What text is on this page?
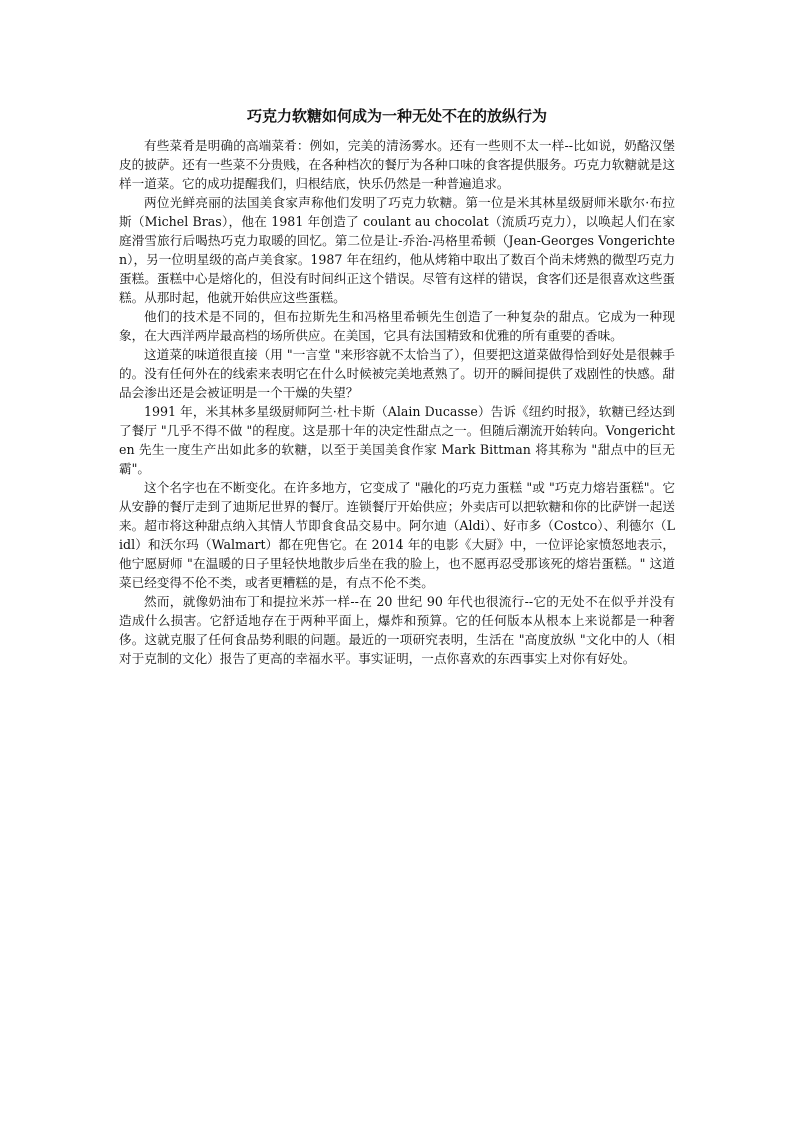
巧克力软糖如何成为一种无处不在的放纵行为

有些菜肴是明确的高端菜肴：例如，完美的清汤雾水。还有一些则不太一样--比如说，奶酪汉堡皮的披萨。还有一些菜不分贵贱，在各种档次的餐厅为各种口味的食客提供服务。巧克力软糖就是这样一道菜。它的成功提醒我们，归根结底，快乐仍然是一种普遍追求。

两位光鲜亮丽的法国美食家声称他们发明了巧克力软糖。第一位是米其林星级厨师米歇尔·布拉斯（Michel Bras），他在 1981 年创造了 coulant au chocolat（流质巧克力），以唤起人们在家庭滑雪旅行后喝热巧克力取暖的回忆。第二位是让-乔治-冯格里希顿（Jean-Georges Vongerichten），另一位明星级的高卢美食家。1987 年在纽约，他从烤箱中取出了数百个尚未烤熟的微型巧克力蛋糕。蛋糕中心是熔化的，但没有时间纠正这个错误。尽管有这样的错误，食客们还是很喜欢这些蛋糕。从那时起，他就开始供应这些蛋糕。

他们的技术是不同的，但布拉斯先生和冯格里希顿先生创造了一种复杂的甜点。它成为一种现象，在大西洋两岸最高档的场所供应。在美国，它具有法国精致和优雅的所有重要的香味。

这道菜的味道很直接（用 "一言堂 "来形容就不太恰当了），但要把这道菜做得恰到好处是很棘手的。没有任何外在的线索来表明它在什么时候被完美地煮熟了。切开的瞬间提供了戏剧性的快感。甜品会渗出还是会被证明是一个干燥的失望？

1991 年，米其林多星级厨师阿兰·杜卡斯（Alain Ducasse）告诉《纽约时报》，软糖已经达到了餐厅 "几乎不得不做 "的程度。这是那十年的决定性甜点之一。但随后潮流开始转向。Vongerichten 先生一度生产出如此多的软糖，以至于美国美食作家 Mark Bittman 将其称为 "甜点中的巨无霸"。

这个名字也在不断变化。在许多地方，它变成了 "融化的巧克力蛋糕 "或 "巧克力熔岩蛋糕"。它从安静的餐厅走到了迪斯尼世界的餐厅。连锁餐厅开始供应；外卖店可以把软糖和你的比萨饼一起送来。超市将这种甜点纳入其情人节即食食品交易中。阿尔迪（Aldi）、好市多（Costco）、利德尔（Lidl）和沃尔玛（Walmart）都在兜售它。在 2014 年的电影《大厨》中，一位评论家愤怒地表示，他宁愿厨师 "在温暖的日子里轻快地散步后坐在我的脸上，也不愿再忍受那该死的熔岩蛋糕。" 这道菜已经变得不伦不类，或者更糟糕的是，有点不伦不类。

然而，就像奶油布丁和提拉米苏一样--在 20 世纪 90 年代也很流行--它的无处不在似乎并没有造成什么损害。它舒适地存在于两种平面上，爆炸和预算。它的任何版本从根本上来说都是一种奢侈。这就克服了任何食品势利眼的问题。最近的一项研究表明，生活在 "高度放纵 "文化中的人（相对于克制的文化）报告了更高的幸福水平。事实证明，一点你喜欢的东西事实上对你有好处。
